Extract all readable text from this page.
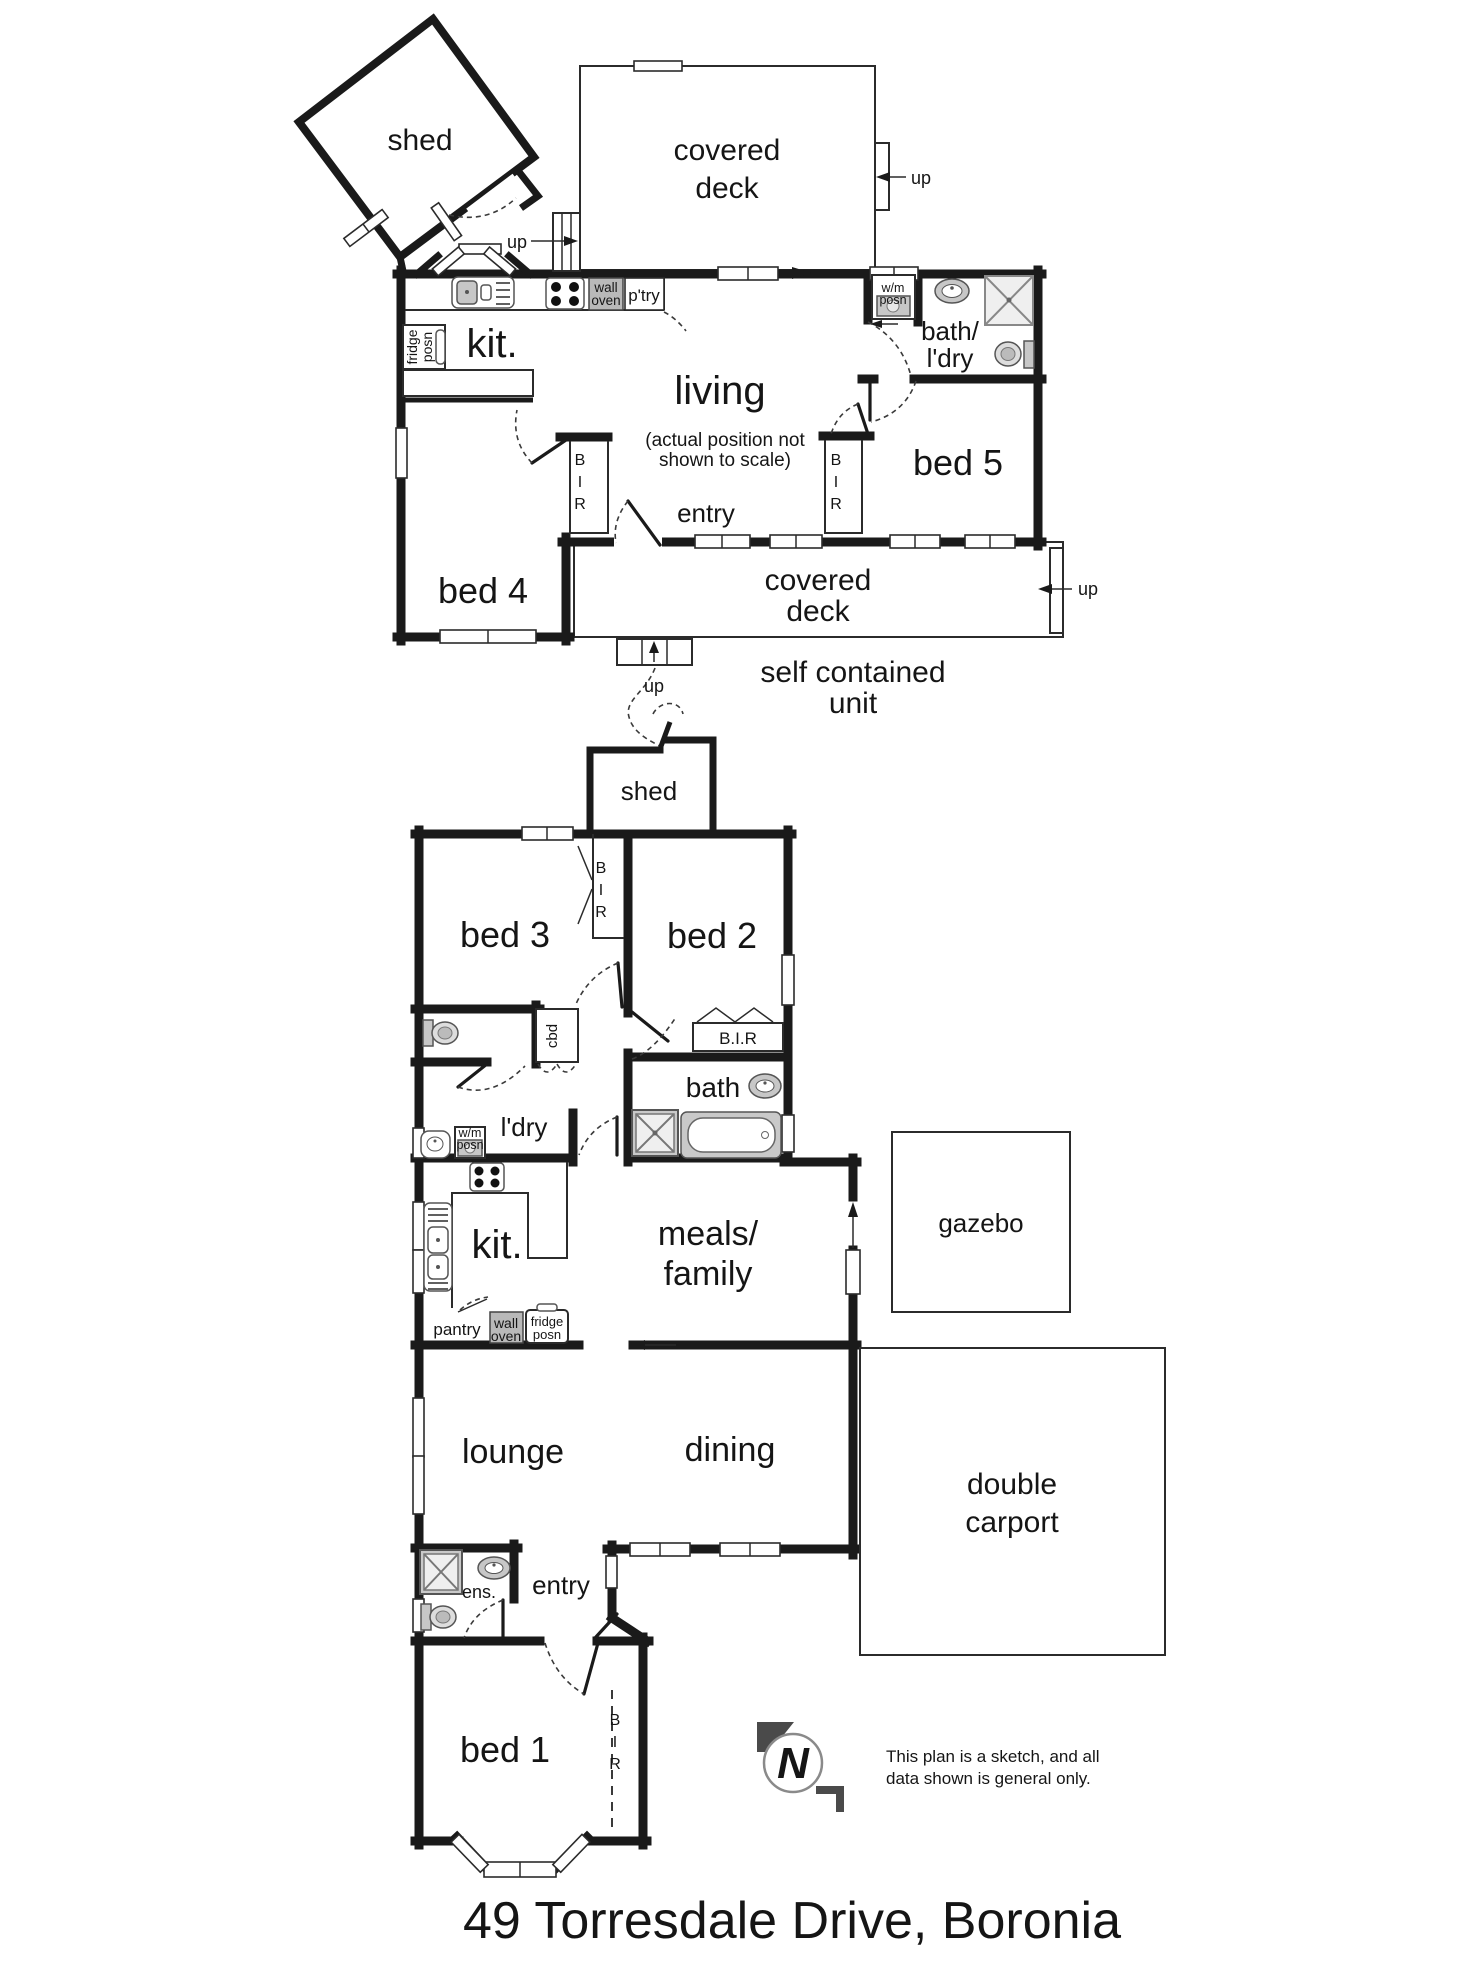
shed	covered
deck
up
up
wall
oven p'try
kit.
fridge posn
living
(actual position not
shown to scale)
w/m
posn
bath/
l'dry
bed 5
bed 4
entry
BIR	BIR
covered
deck
up
self contained
unit
up
shed
bed 3
BIR
bed 2
B.I.R
cbd
bath
l'dry
w/m
posn
kit.	meals/
family
gazebo
pantry wall
oven
fridge
posn
lounge	dining
double
carport
entry
ens.
bed 1	BIR	N	This plan is a sketch, and all
data shown is general only.
49 Torresdale Drive, Boronia
